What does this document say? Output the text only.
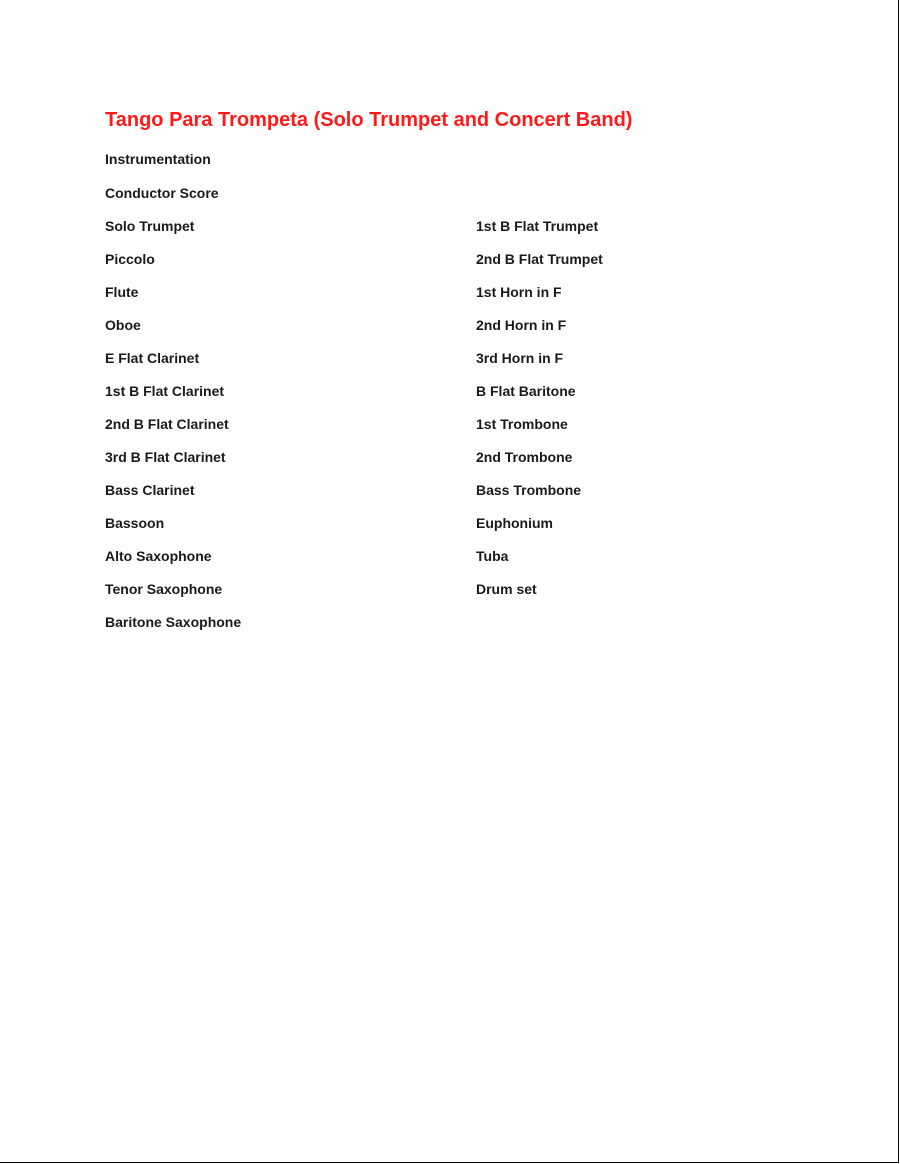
Tango Para Trompeta (Solo Trumpet and Concert Band)

Instrumentation

Conductor Score

Solo Trumpet

Piccolo

Flute

Oboe

E Flat Clarinet

1st B Flat Clarinet

2nd B Flat Clarinet

3rd B Flat Clarinet

Bass Clarinet

Bassoon

Alto Saxophone

Tenor Saxophone

Baritone Saxophone

1st B Flat Trumpet

2nd B Flat Trumpet

1st Horn in F

2nd Horn in F

3rd Horn in F

B Flat Baritone

1st Trombone

2nd Trombone

Bass Trombone

Euphonium

Tuba

Drum set
